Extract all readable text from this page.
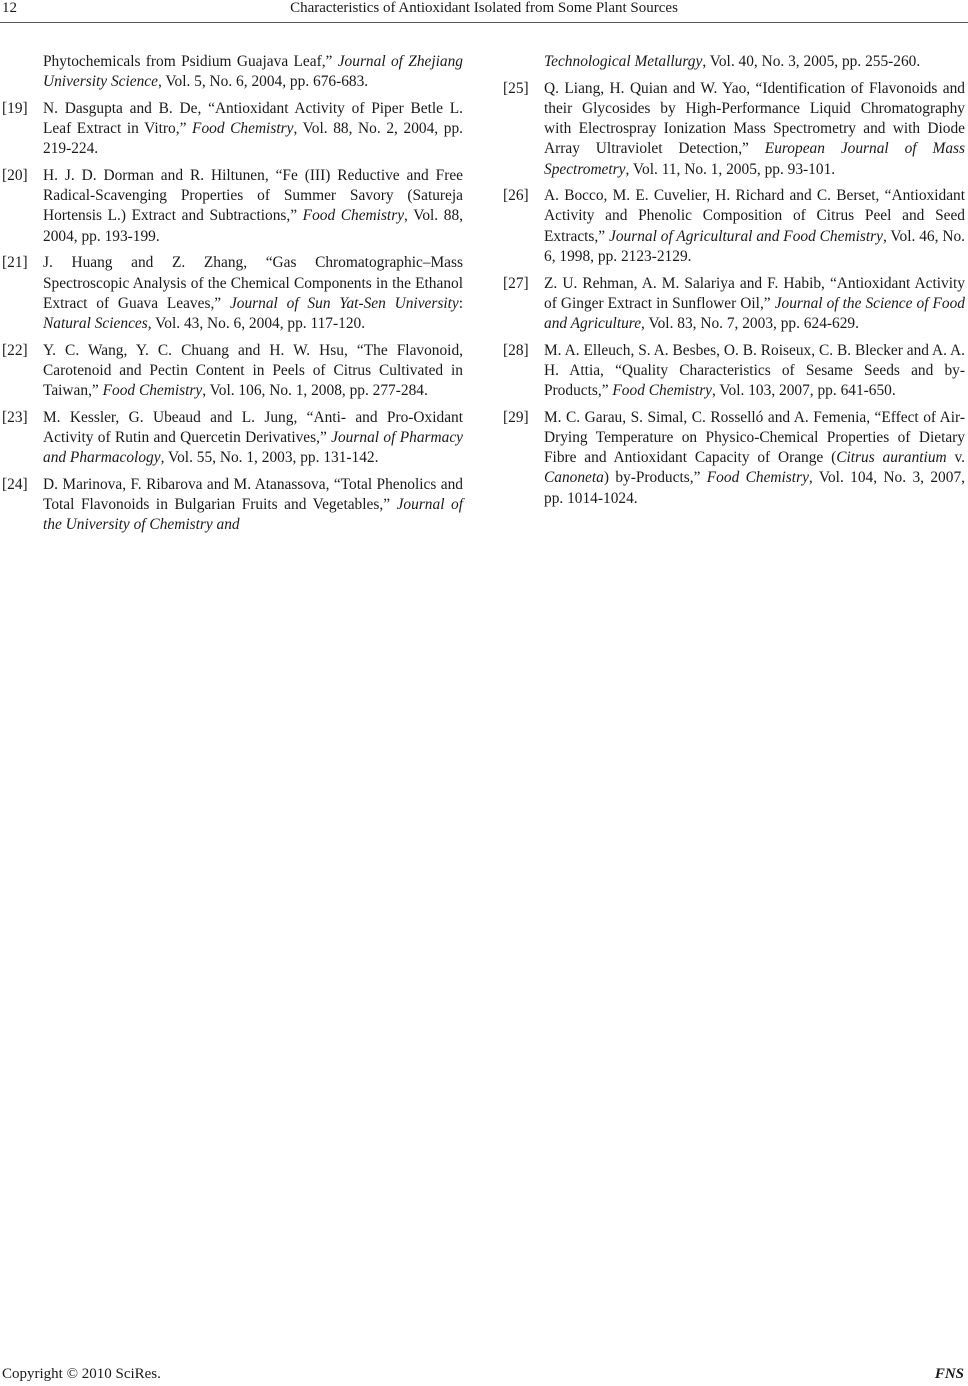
12	Characteristics of Antioxidant Isolated from Some Plant Sources
Phytochemicals from Psidium Guajava Leaf,” Journal of Zhejiang University Science, Vol. 5, No. 6, 2004, pp. 676-683.
[19] N. Dasgupta and B. De, “Antioxidant Activity of Piper Betle L. Leaf Extract in Vitro,” Food Chemistry, Vol. 88, No. 2, 2004, pp. 219-224.
[20] H. J. D. Dorman and R. Hiltunen, “Fe (III) Reductive and Free Radical-Scavenging Properties of Summer Savory (Satureja Hortensis L.) Extract and Subtractions,” Food Chemistry, Vol. 88, 2004, pp. 193-199.
[21] J. Huang and Z. Zhang, “Gas Chromatographic–Mass Spectroscopic Analysis of the Chemical Components in the Ethanol Extract of Guava Leaves,” Journal of Sun Yat-Sen University: Natural Sciences, Vol. 43, No. 6, 2004, pp. 117-120.
[22] Y. C. Wang, Y. C. Chuang and H. W. Hsu, “The Flavonoid, Carotenoid and Pectin Content in Peels of Citrus Cultivated in Taiwan,” Food Chemistry, Vol. 106, No. 1, 2008, pp. 277-284.
[23] M. Kessler, G. Ubeaud and L. Jung, “Anti- and Pro-Oxidant Activity of Rutin and Quercetin Derivatives,” Journal of Pharmacy and Pharmacology, Vol. 55, No. 1, 2003, pp. 131-142.
[24] D. Marinova, F. Ribarova and M. Atanassova, “Total Phenolics and Total Flavonoids in Bulgarian Fruits and Vegetables,” Journal of the University of Chemistry and
Technological Metallurgy, Vol. 40, No. 3, 2005, pp. 255-260.
[25] Q. Liang, H. Quian and W. Yao, “Identification of Flavonoids and their Glycosides by High-Performance Liquid Chromatography with Electrospray Ionization Mass Spectrometry and with Diode Array Ultraviolet Detection,” European Journal of Mass Spectrometry, Vol. 11, No. 1, 2005, pp. 93-101.
[26] A. Bocco, M. E. Cuvelier, H. Richard and C. Berset, “Antioxidant Activity and Phenolic Composition of Citrus Peel and Seed Extracts,” Journal of Agricultural and Food Chemistry, Vol. 46, No. 6, 1998, pp. 2123-2129.
[27] Z. U. Rehman, A. M. Salariya and F. Habib, “Antioxidant Activity of Ginger Extract in Sunflower Oil,” Journal of the Science of Food and Agriculture, Vol. 83, No. 7, 2003, pp. 624-629.
[28] M. A. Elleuch, S. A. Besbes, O. B. Roiseux, C. B. Blecker and A. A. H. Attia, “Quality Characteristics of Sesame Seeds and by-Products,” Food Chemistry, Vol. 103, 2007, pp. 641-650.
[29] M. C. Garau, S. Simal, C. Rosselló and A. Femenia, “Effect of Air-Drying Temperature on Physico-Chemical Properties of Dietary Fibre and Antioxidant Capacity of Orange (Citrus aurantium v. Canoneta) by-Products,” Food Chemistry, Vol. 104, No. 3, 2007, pp. 1014-1024.
Copyright © 2010 SciRes.	FNS
